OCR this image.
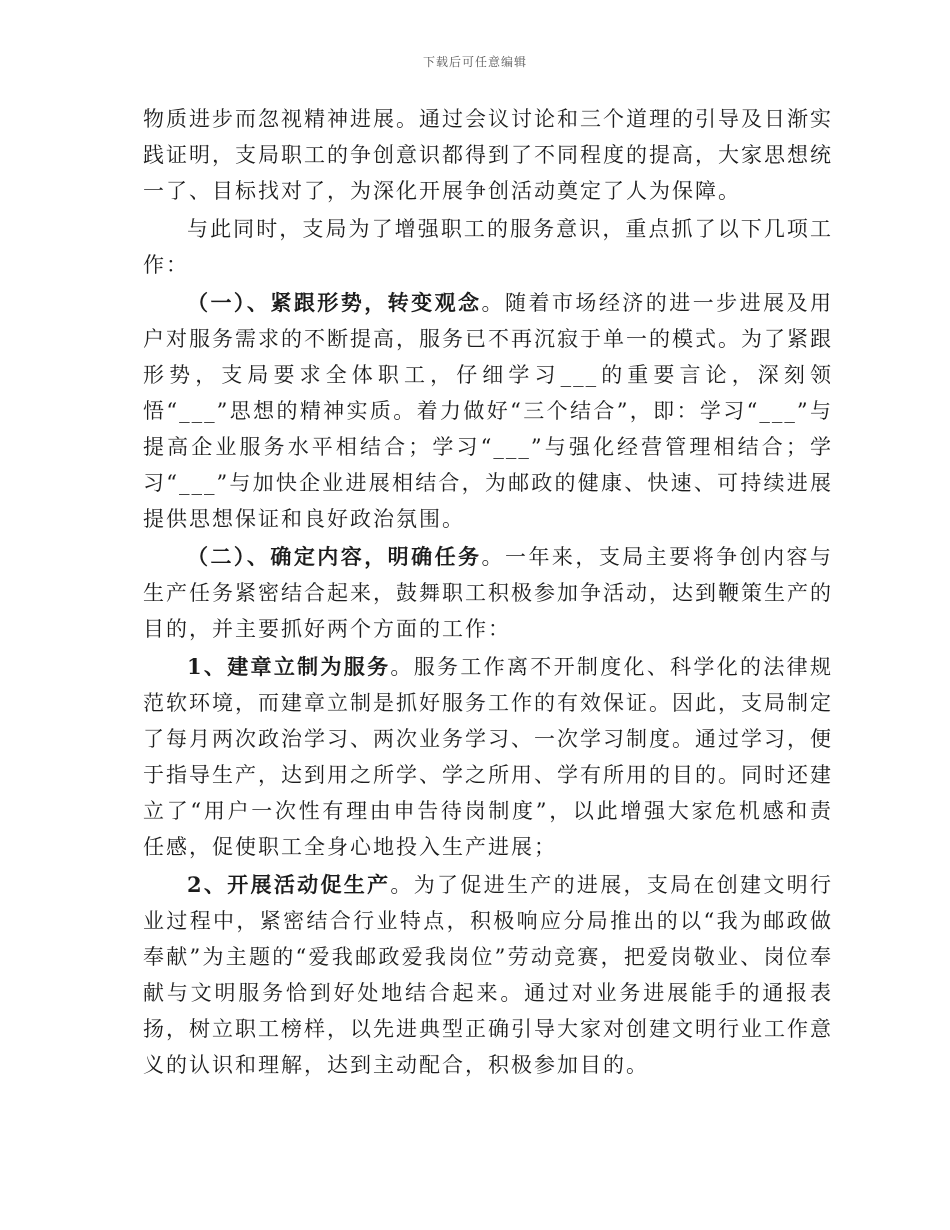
下载后可任意编辑

物质进步而忽视精神进展。通过会议讨论和三个道理的引导及日渐实践证明，支局职工的争创意识都得到了不同程度的提高，大家思想统一了、目标找对了，为深化开展争创活动奠定了人为保障。

与此同时，支局为了增强职工的服务意识，重点抓了以下几项工作：

（一）、紧跟形势，转变观念。随着市场经济的进一步进展及用户对服务需求的不断提高，服务已不再沉寂于单一的模式。为了紧跟形势，支局要求全体职工，仔细学习___的重要言论，深刻领悟“___”思想的精神实质。着力做好“三个结合”，即：学习“___”与提高企业服务水平相结合；学习“___”与强化经营管理相结合；学习“___”与加快企业进展相结合，为邮政的健康、快速、可持续进展提供思想保证和良好政治氛围。

（二）、确定内容，明确任务。一年来，支局主要将争创内容与生产任务紧密结合起来，鼓舞职工积极参加争活动，达到鞭策生产的目的，并主要抓好两个方面的工作：

1、建章立制为服务。服务工作离不开制度化、科学化的法律规范软环境，而建章立制是抓好服务工作的有效保证。因此，支局制定了每月两次政治学习、两次业务学习、一次学习制度。通过学习，便于指导生产，达到用之所学、学之所用、学有所用的目的。同时还建立了“用户一次性有理由申告待岗制度”，以此增强大家危机感和责任感，促使职工全身心地投入生产进展；

2、开展活动促生产。为了促进生产的进展，支局在创建文明行业过程中，紧密结合行业特点，积极响应分局推出的以“我为邮政做奉献”为主题的“爱我邮政爱我岗位”劳动竞赛，把爱岗敬业、岗位奉献与文明服务恰到好处地结合起来。通过对业务进展能手的通报表扬，树立职工榜样，以先进典型正确引导大家对创建文明行业工作意义的认识和理解，达到主动配合，积极参加目的。
